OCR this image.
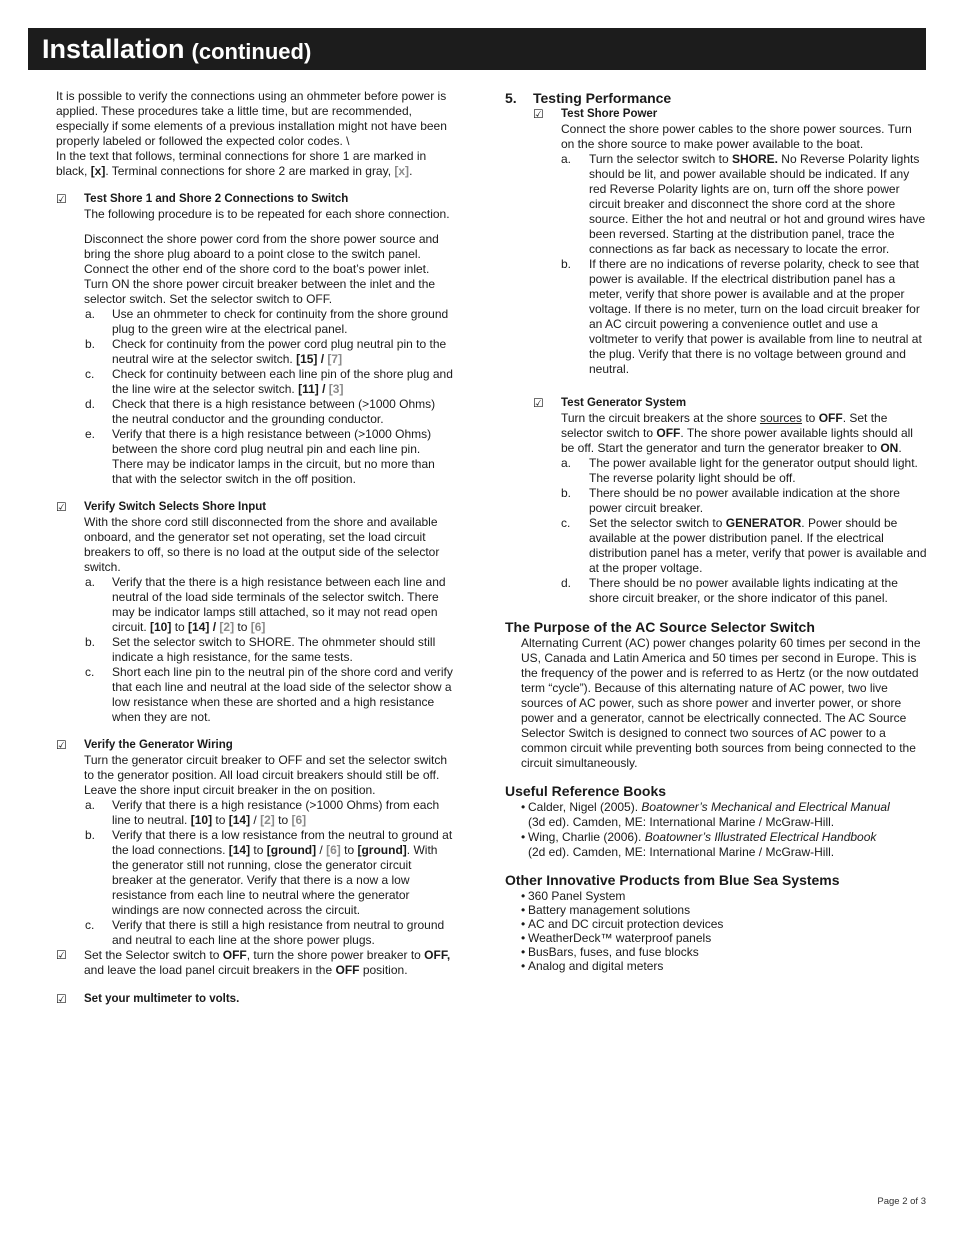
Installation (continued)

It is possible to verify the connections using an ohmmeter before power is applied. These procedures take a little time, but are recommended, especially if some elements of a previous installation might not have been properly labeled or followed the expected color codes. \

In the text that follows, terminal connections for shore 1 are marked in black, [x]. Terminal connections for shore 2 are marked in gray, [x].

☑	Test Shore 1 and Shore 2 Connections to Switch

The following procedure is to be repeated for each shore connection.

Disconnect the shore power cord from the shore power source and bring the shore plug aboard to a point close to the switch panel. Connect the other end of the shore cord to the boat’s power inlet. Turn ON the shore power circuit breaker between the inlet and the selector switch. Set the selector switch to OFF.

a.	Use an ohmmeter to check for continuity from the shore ground plug to the green wire at the electrical panel.
b.	Check for continuity from the power cord plug neutral pin to the neutral wire at the selector switch. [15] / [7]
c.	Check for continuity between each line pin of the shore plug and the line wire at the selector switch. [11] / [3]
d.	Check that there is a high resistance between (>1000 Ohms) the neutral conductor and the grounding conductor.
e.	Verify that there is a high resistance between (>1000 Ohms) between the shore cord plug neutral pin and each line pin. There may be indicator lamps in the circuit, but no more than that with the selector switch in the off position.
☑	Verify Switch Selects Shore Input

With the shore cord still disconnected from the shore and available onboard, and the generator set not operating, set the load circuit breakers to off, so there is no load at the output side of the selector switch.

a.	Verify that the there is a high resistance between each line and neutral of the load side terminals of the selector switch. There may be indicator lamps still attached, so it may not read open circuit. [10] to [14] / [2] to [6]
b.	Set the selector switch to SHORE. The ohmmeter should still indicate a high resistance, for the same tests.
c.	Short each line pin to the neutral pin of the shore cord and verify that each line and neutral at the load side of the selector show a low resistance when these are shorted and a high resistance when they are not.
☑	Verify the Generator Wiring

Turn the generator circuit breaker to OFF and set the selector switch to the generator position. All load circuit breakers should still be off. Leave the shore input circuit breaker in the on position.

a.	Verify that there is a high resistance (>1000 Ohms) from each line to neutral. [10] to [14] / [2] to [6]
b.	Verify that there is a low resistance from the neutral to ground at the load connections. [14] to [ground] / [6] to [ground]. With the generator still not running, close the generator circuit breaker at the generator. Verify that there is a now a low resistance from each line to neutral where the generator windings are now connected across the circuit.
c.	Verify that there is still a high resistance from neutral to ground and neutral to each line at the shore power plugs.
☑	Set the Selector switch to OFF, turn the shore power breaker to OFF, and leave the load panel circuit breakers in the OFF position.
☑	Set your multimeter to volts.
5.	Testing Performance
☑	Test Shore Power

Connect the shore power cables to the shore power sources. Turn on the shore source to make power available to the boat.

a.	Turn the selector switch to SHORE. No Reverse Polarity lights should be lit, and power available should be indicated. If any red Reverse Polarity lights are on, turn off the shore power circuit breaker and disconnect the shore cord at the shore source. Either the hot and neutral or hot and ground wires have been reversed. Starting at the distribution panel, trace the connections as far back as necessary to locate the error.
b.	If there are no indications of reverse polarity, check to see that power is available. If the electrical distribution panel has a meter, verify that shore power is available and at the proper voltage. If there is no meter, turn on the load circuit breaker for an AC circuit powering a convenience outlet and use a voltmeter to verify that power is available from line to neutral at the plug. Verify that there is no voltage between ground and neutral.
☑	Test Generator System

Turn the circuit breakers at the shore sources to OFF. Set the selector switch to OFF. The shore power available lights should all be off. Start the generator and turn the generator breaker to ON.

a.	The power available light for the generator output should light. The reverse polarity light should be off.
b.	There should be no power available indication at the shore power circuit breaker.
c.	Set the selector switch to GENERATOR. Power should be available at the power distribution panel. If the electrical distribution panel has a meter, verify that power is available and at the proper voltage.
d.	There should be no power available lights indicating at the shore circuit breaker, or the shore indicator of this panel.
The Purpose of the AC Source Selector Switch

Alternating Current (AC) power changes polarity 60 times per second in the US, Canada and Latin America and 50 times per second in Europe. This is the frequency of the power and is referred to as Hertz (or the now outdated term “cycle”). Because of this alternating nature of AC power, two live sources of AC power, such as shore power and inverter power, or shore power and a generator, cannot be electrically connected. The AC Source Selector Switch is designed to connect two sources of AC power to a common circuit while preventing both sources from being connected to the circuit simultaneously.

Useful Reference Books
• Calder, Nigel (2005). Boatowner’s Mechanical and Electrical Manual
(3d ed). Camden, ME: International Marine / McGraw-Hill.
• Wing, Charlie (2006). Boatowner’s Illustrated Electrical Handbook
(2d ed). Camden, ME: International Marine / McGraw-Hill.
Other Innovative Products from Blue Sea Systems
• 360 Panel System
• Battery management solutions
• AC and DC circuit protection devices
• WeatherDeck™ waterproof panels
• BusBars, fuses, and fuse blocks
• Analog and digital meters
Page 2 of 3
